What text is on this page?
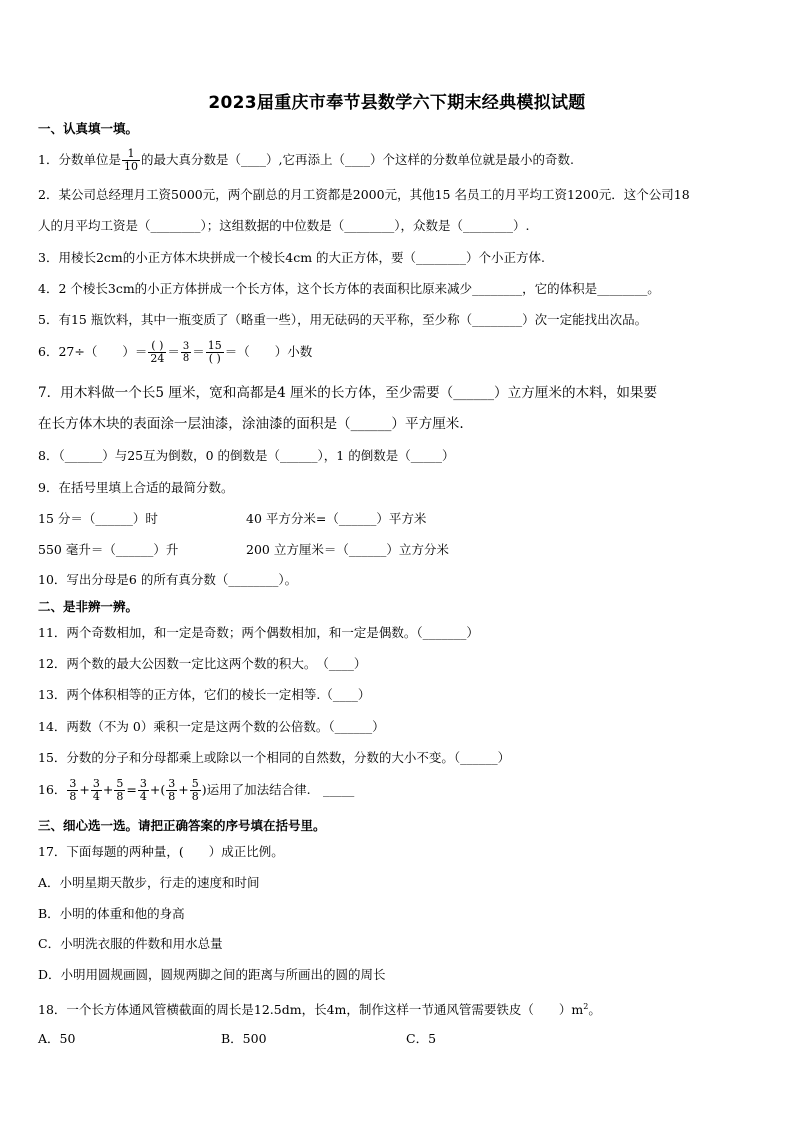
2023届重庆市奉节县数学六下期末经典模拟试题
一、认真填一填。
1．分数单位是 $\frac{1}{10}$ 的最大真分数是（____）,它再添上（____）个这样的分数单位就是最小的奇数.
2．某公司总经理月工资5000元，两个副总的月工资都是2000元，其他15 名员工的月平均工资1200元．这个公司18
人的月平均工资是（________）；这组数据的中位数是（________），众数是（________）.
3．用棱长2cm的小正方体木块拼成一个棱长4cm 的大正方体，要（________）个小正方体.
4．2 个棱长3cm的小正方体拼成一个长方体，这个长方体的表面积比原来减少________，它的体积是________。
5．有15 瓶饮料，其中一瓶变质了（略重一些），用无砝码的天平称，至少称（________）次一定能找出次品。
6．27÷（　　）＝ $\frac{( )}{24} = \frac{3}{8} = \frac{15}{( )}$ ＝（　　）小数
7．用木料做一个长5 厘米，宽和高都是4 厘米的长方体，至少需要（______）立方厘米的木料，如果要
在长方体木块的表面涂一层油漆，涂油漆的面积是（______）平方厘米.
8．（______）与25互为倒数，0 的倒数是（______），1 的倒数是（_____）
9．在括号里填上合适的最简分数。
15 分＝（______）时	40 平方分米=（______）平方米
550 毫升＝（______）升	200 立方厘米＝（______）立方分米
10．写出分母是6 的所有真分数（________）。
二、是非辨一辨。
11．两个奇数相加，和一定是奇数；两个偶数相加，和一定是偶数。（_______）
12．两个数的最大公因数一定比这两个数的积大。　（____）
13．两个体积相等的正方体，它们的棱长一定相等.（____）
14．两数（不为 0）乘积一定是这两个数的公倍数。（______）
15．分数的分子和分母都乘上或除以一个相同的自然数，分数的大小不变。（______）
16． $\frac{3}{8} + \frac{3}{4} + \frac{5}{8} = \frac{3}{4}$ +( $\frac{3}{8} + \frac{5}{8}$ )运用了加法结合律.　_____
三、细心选一选。请把正确答案的序号填在括号里。
17．下面每题的两种量，(　　）成正比例。
A．小明星期天散步，行走的速度和时间
B．小明的体重和他的身高
C．小明洗衣服的件数和用水总量
D．小明用圆规画圆，圆规两脚之间的距离与所画出的圆的周长
18．一个长方体通风管横截面的周长是12.5dm，长4m，制作这样一节通风管需要铁皮（　　）$m^2$。
A．50	B．500	C．5
